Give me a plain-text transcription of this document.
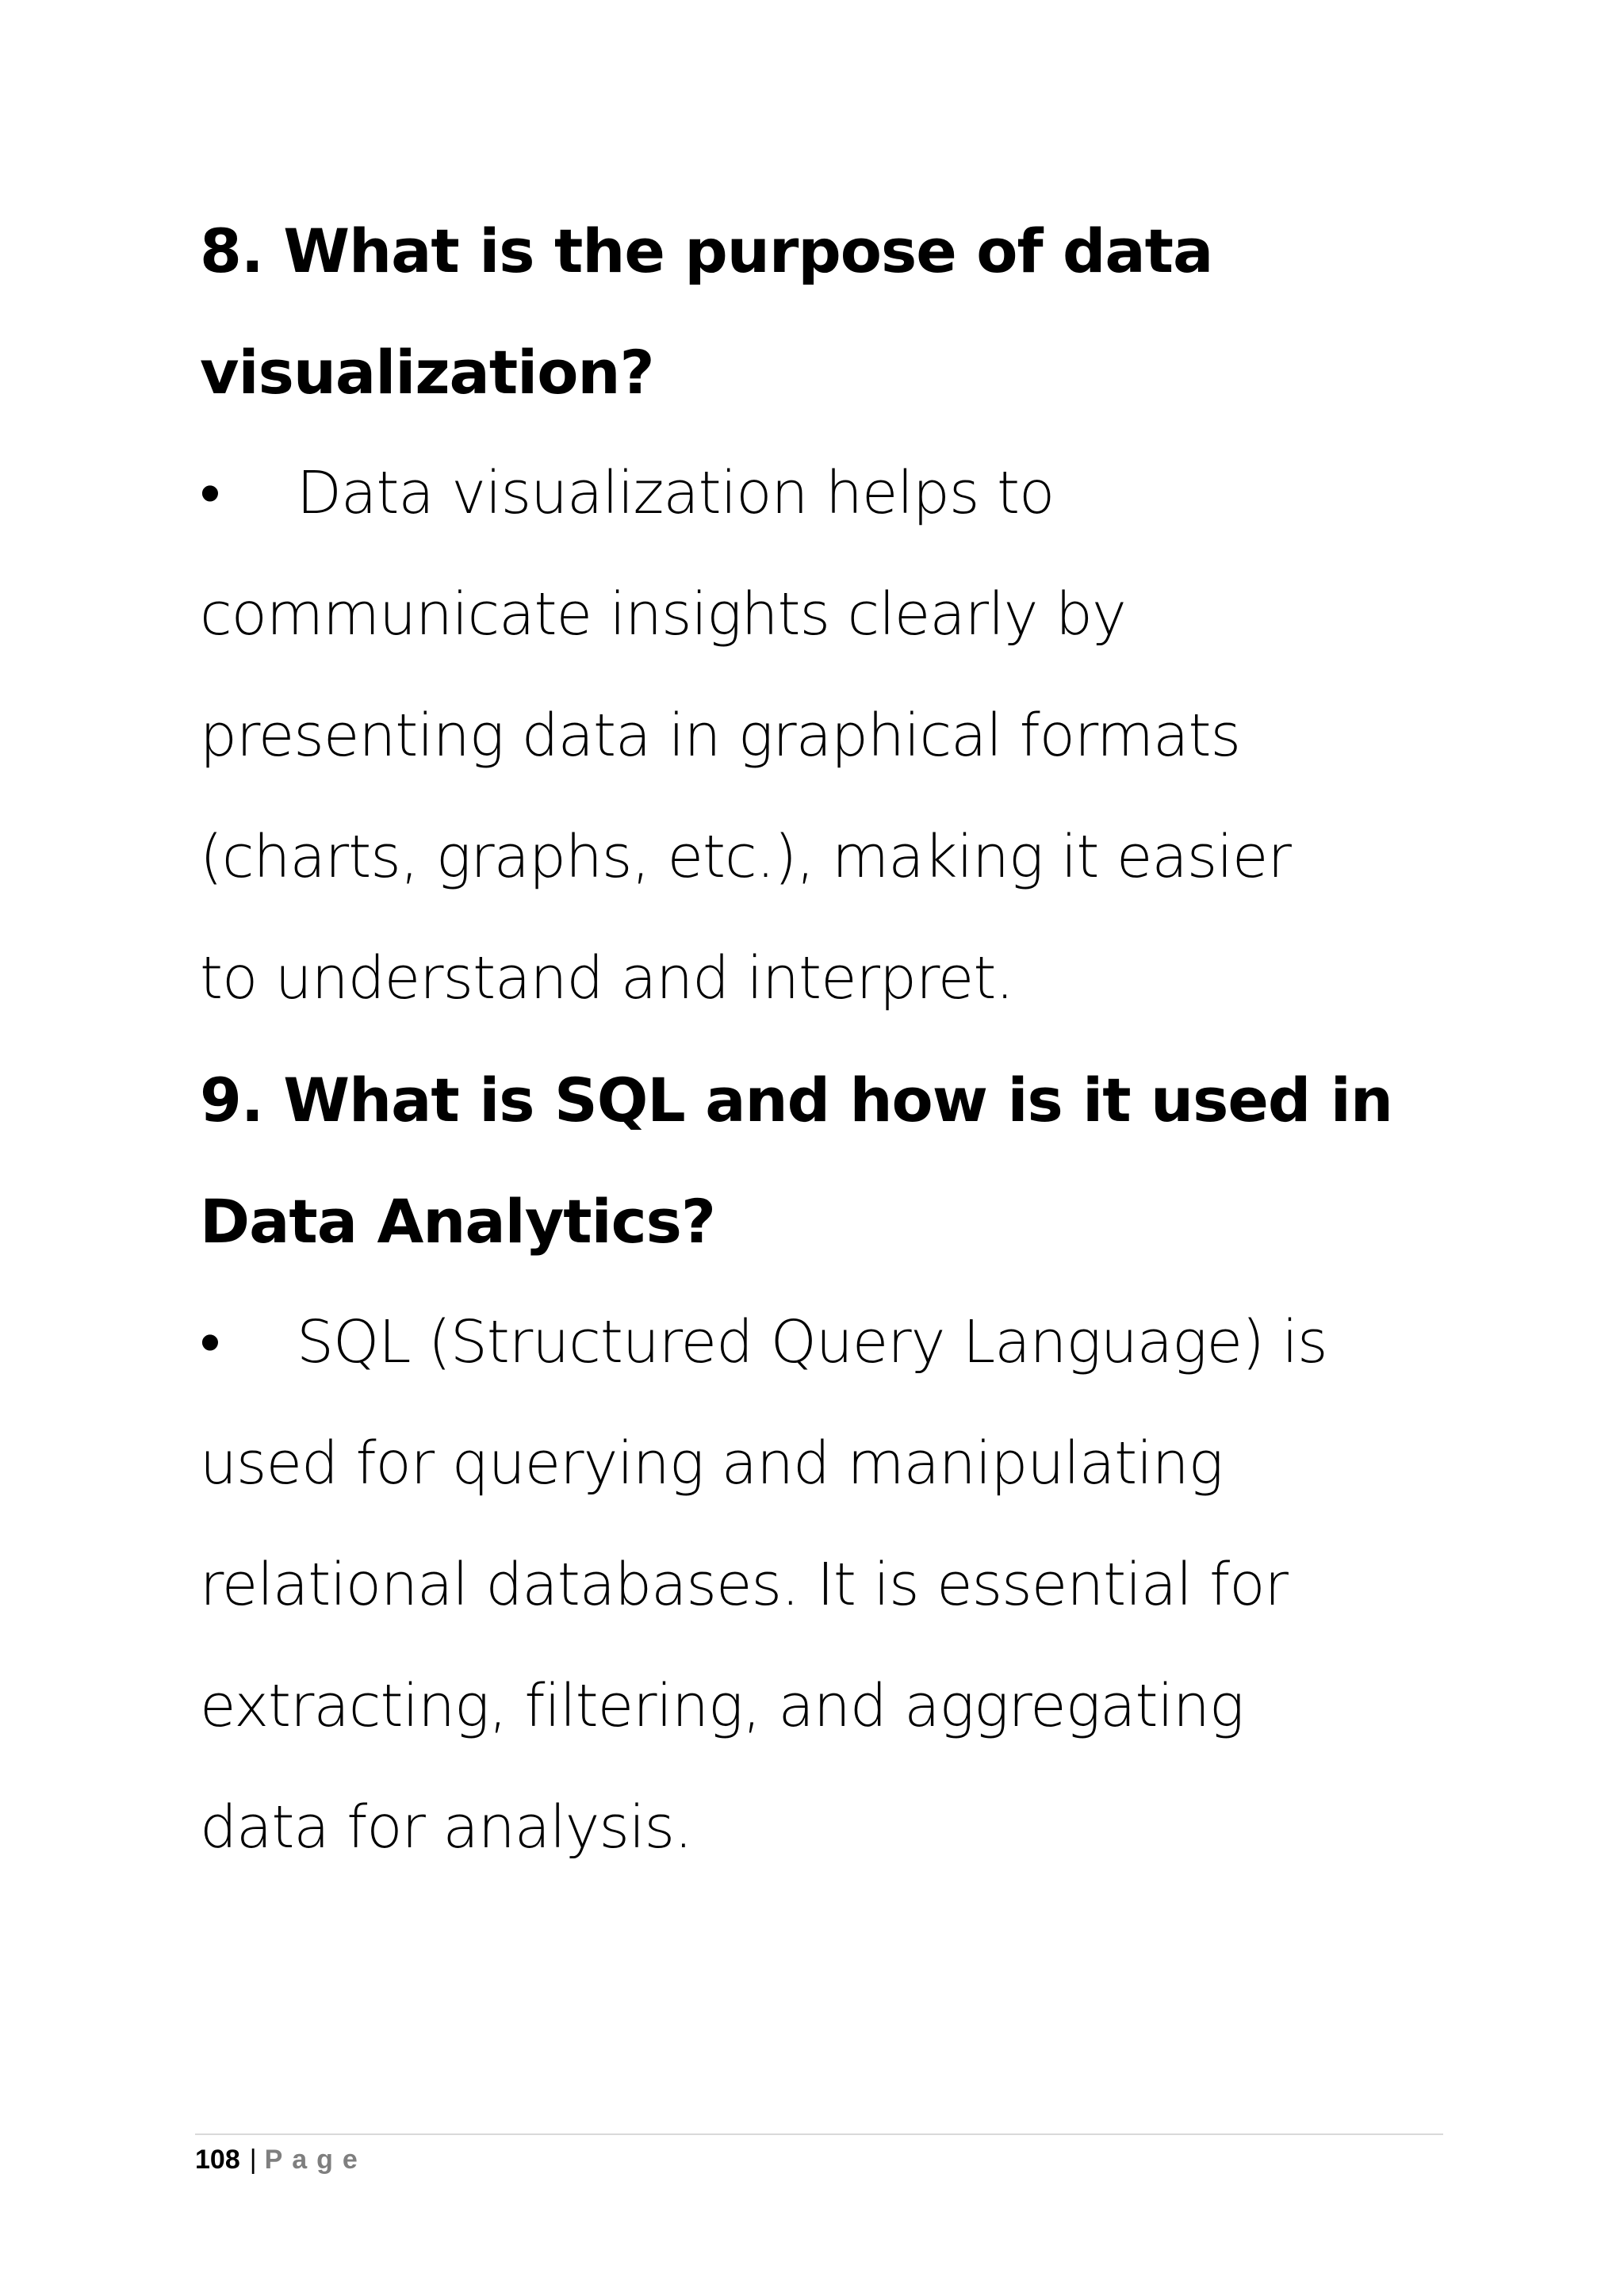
8. What is the purpose of data
visualization?

• Data visualization helps to
communicate insights clearly by
presenting data in graphical formats
(charts, graphs, etc.), making it easier
to understand and interpret.

9. What is SQL and how is it used in
Data Analytics?

• SQL (Structured Query Language) is
used for querying and manipulating
relational databases. It is essential for
extracting, filtering, and aggregating
data for analysis.

108 | Page
